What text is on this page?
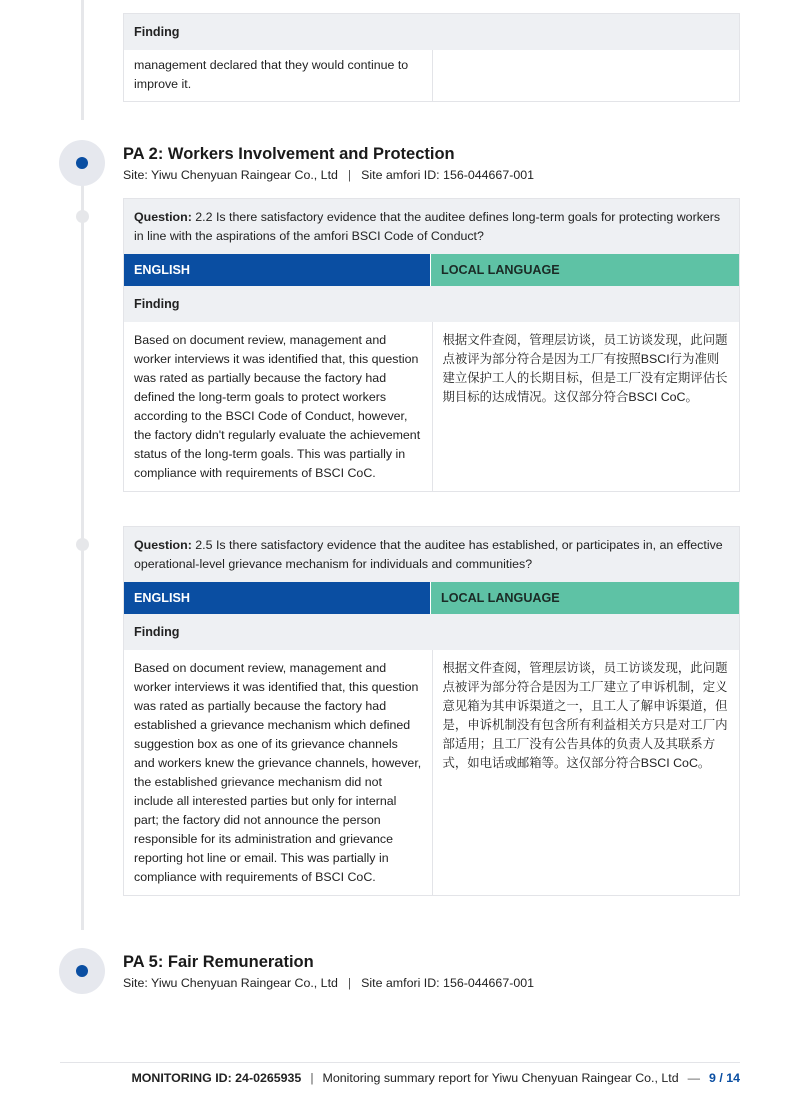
Finding
management declared that they would continue to improve it.
PA 2: Workers Involvement and Protection
Site: Yiwu Chenyuan Raingear Co., Ltd | Site amfori ID: 156-044667-001
Question: 2.2 Is there satisfactory evidence that the auditee defines long-term goals for protecting workers in line with the aspirations of the amfori BSCI Code of Conduct?
ENGLISH	LOCAL LANGUAGE
Finding
Based on document review, management and worker interviews it was identified that, this question was rated as partially because the factory had defined the long-term goals to protect workers according to the BSCI Code of Conduct, however, the factory didn't regularly evaluate the achievement status of the long-term goals. This was partially in compliance with requirements of BSCI CoC.
根据文件查阅，管理层访谈，员工访谈发现，此问题点被评为部分符合是因为工厂有按照BSCI行为准则建立保护工人的长期目标，但是工厂没有定期评估长期目标的达成情况。这仅部分符合BSCI CoC。
Question: 2.5 Is there satisfactory evidence that the auditee has established, or participates in, an effective operational-level grievance mechanism for individuals and communities?
ENGLISH	LOCAL LANGUAGE
Finding
Based on document review, management and worker interviews it was identified that, this question was rated as partially because the factory had established a grievance mechanism which defined suggestion box as one of its grievance channels and workers knew the grievance channels, however, the established grievance mechanism did not include all interested parties but only for internal part; the factory did not announce the person responsible for its administration and grievance reporting hot line or email. This was partially in compliance with requirements of BSCI CoC.
根据文件查阅，管理层访谈，员工访谈发现，此问题点被评为部分符合是因为工厂建立了申诉机制，定义意见箱为其申诉渠道之一，且工人了解申诉渠道，但是，申诉机制没有包含所有利益相关方只是对工厂内部适用；且工厂没有公告具体的负责人及其联系方式，如电话或邮箱等。这仅部分符合BSCI CoC。
PA 5: Fair Remuneration
Site: Yiwu Chenyuan Raingear Co., Ltd | Site amfori ID: 156-044667-001
MONITORING ID: 24-0265935 | Monitoring summary report for Yiwu Chenyuan Raingear Co., Ltd — 9 / 14
